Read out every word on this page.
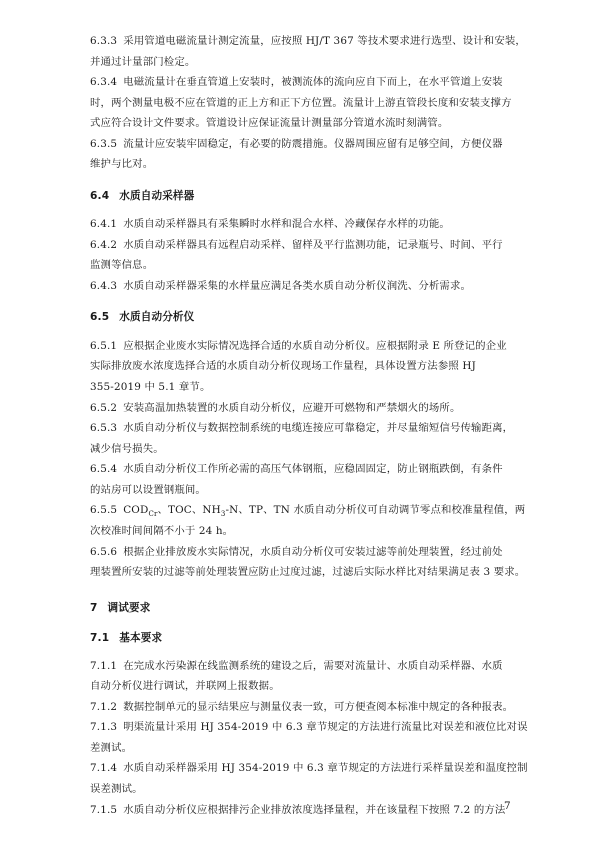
6.3.3 采用管道电磁流量计测定流量，应按照 HJ/T 367 等技术要求进行选型、设计和安装，
并通过计量部门检定。
6.3.4 电磁流量计在垂直管道上安装时，被测流体的流向应自下而上，在水平管道上安装
时，两个测量电极不应在管道的正上方和正下方位置。流量计上游直管段长度和安装支撑方
式应符合设计文件要求。管道设计应保证流量计测量部分管道水流时刻满管。
6.3.5 流量计应安装牢固稳定，有必要的防震措施。仪器周围应留有足够空间，方便仪器
维护与比对。
6.4 水质自动采样器
6.4.1 水质自动采样器具有采集瞬时水样和混合水样、冷藏保存水样的功能。
6.4.2 水质自动采样器具有远程启动采样、留样及平行监测功能，记录瓶号、时间、平行
监测等信息。
6.4.3 水质自动采样器采集的水样量应满足各类水质自动分析仪润洗、分析需求。
6.5 水质自动分析仪
6.5.1 应根据企业废水实际情况选择合适的水质自动分析仪。应根据附录 E 所登记的企业
实际排放废水浓度选择合适的水质自动分析仪现场工作量程，具体设置方法参照 HJ
355-2019 中 5.1 章节。
6.5.2 安装高温加热装置的水质自动分析仪，应避开可燃物和严禁烟火的场所。
6.5.3 水质自动分析仪与数据控制系统的电缆连接应可靠稳定，并尽量缩短信号传输距离，
减少信号损失。
6.5.4 水质自动分析仪工作所必需的高压气体钢瓶，应稳固固定，防止钢瓶跌倒，有条件
的站房可以设置钢瓶间。
6.5.5 $COD_{Cr}$、TOC、$NH_3-N$、TP、TN 水质自动分析仪可自动调节零点和校准量程值，两
次校准时间间隔不小于 24 h。
6.5.6 根据企业排放废水实际情况，水质自动分析仪可安装过滤等前处理装置，经过前处
理装置所安装的过滤等前处理装置应防止过度过滤，过滤后实际水样比对结果满足表 3 要求。
7 调试要求
7.1 基本要求
7.1.1 在完成水污染源在线监测系统的建设之后，需要对流量计、水质自动采样器、水质
自动分析仪进行调试，并联网上报数据。
7.1.2 数据控制单元的显示结果应与测量仪表一致，可方便查阅本标准中规定的各种报表。
7.1.3 明渠流量计采用 HJ 354-2019 中 6.3 章节规定的方法进行流量比对误差和液位比对误
差测试。
7.1.4 水质自动采样器采用 HJ 354-2019 中 6.3 章节规定的方法进行采样量误差和温度控制
误差测试。
7.1.5 水质自动分析仪应根据排污企业排放浓度选择量程，并在该量程下按照 7.2 的方法
7
